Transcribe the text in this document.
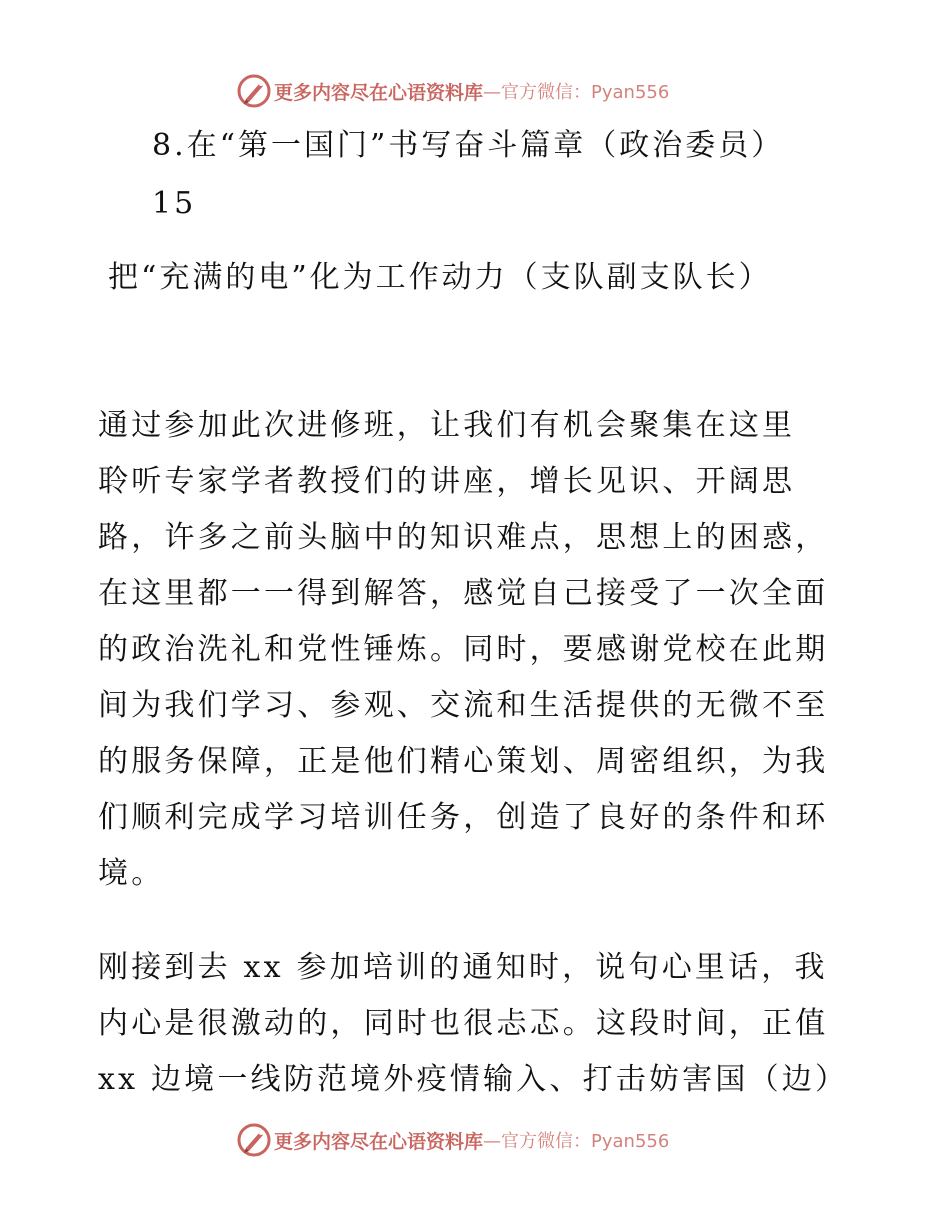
更多内容尽在心语资料库 —官方微信：Pyan556
8.在“第一国门”书写奋斗篇章（政治委员）
15
把“充满的电”化为工作动力（支队副支队长）
通过参加此次进修班，让我们有机会聚集在这里
聆听专家学者教授们的讲座，增长见识、开阔思
路，许多之前头脑中的知识难点，思想上的困惑，
在这里都一一得到解答，感觉自己接受了一次全面
的政治洗礼和党性锤炼。同时，要感谢党校在此期
间为我们学习、参观、交流和生活提供的无微不至
的服务保障，正是他们精心策划、周密组织，为我
们顺利完成学习培训任务，创造了良好的条件和环
境。
刚接到去 xx 参加培训的通知时，说句心里话，我
内心是很激动的，同时也很忐忑。这段时间，正值
xx 边境一线防范境外疫情输入、打击妨害国（边）
更多内容尽在心语资料库 —官方微信：Pyan556
